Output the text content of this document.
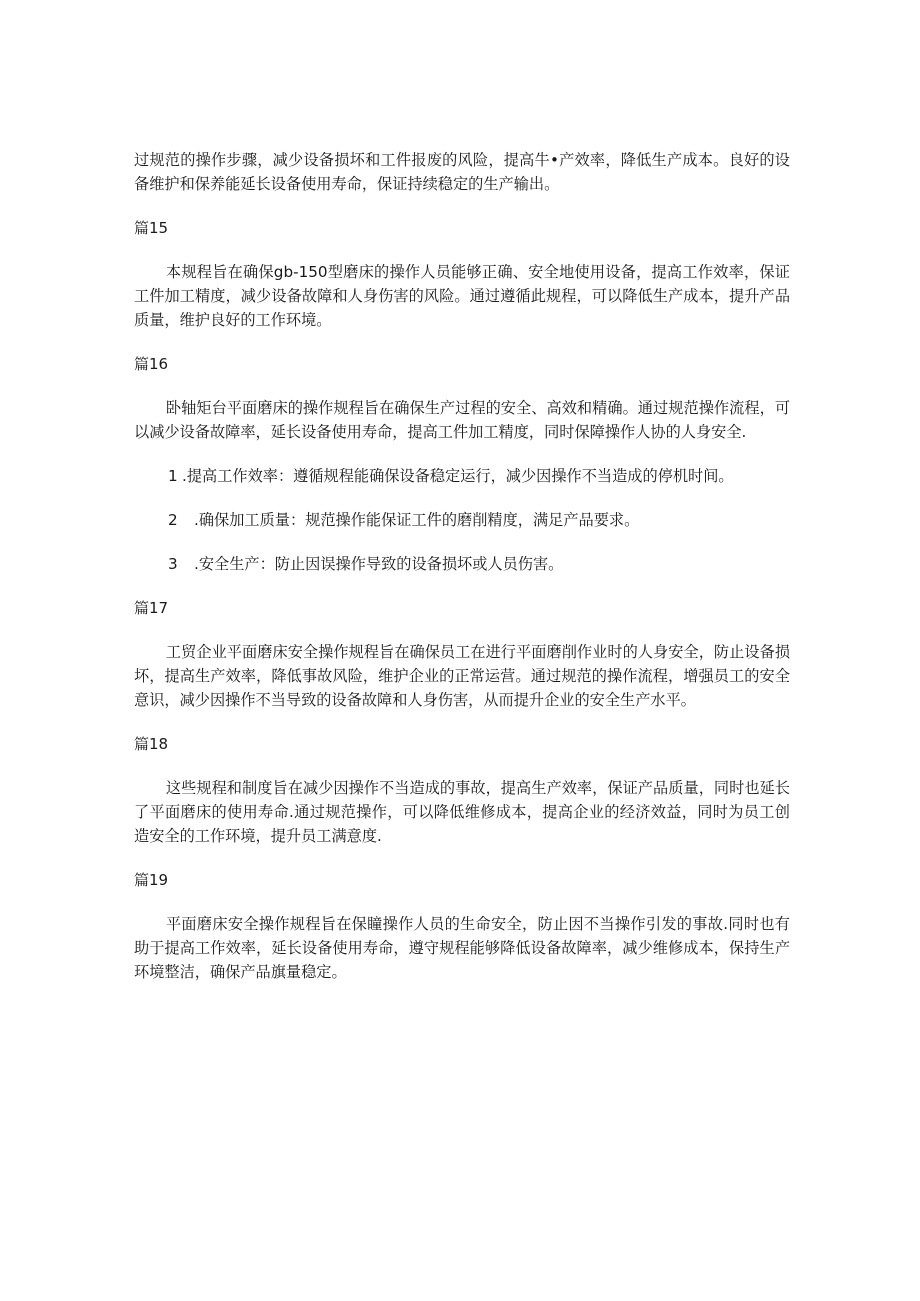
过规范的操作步骤，减少设备损坏和工件报废的风险，提高牛•产效率，降低生产成本。良好的设备维护和保养能延长设备使用寿命，保证持续稳定的生产输出。

篇15

本规程旨在确保gb-150型磨床的操作人员能够正确、安全地使用设备，提高工作效率，保证工件加工精度，减少设备故障和人身伤害的风险。通过遵循此规程，可以降低生产成本，提升产品质量，维护良好的工作环境。

篇16

卧轴矩台平面磨床的操作规程旨在确保生产过程的安全、高效和精确。通过规范操作流程，可以减少设备故障率，延长设备使用寿命，提高工件加工精度，同时保障操作人协的人身安全.

1 .提高工作效率：遵循规程能确保设备稳定运行，减少因操作不当造成的停机时间。
2 .确保加工质量：规范操作能保证工件的磨削精度，满足产品要求。
3 .安全生产：防止因误操作导致的设备损坏或人员伤害。
篇17

工贸企业平面磨床安全操作规程旨在确保员工在进行平面磨削作业时的人身安全，防止设备损坏，提高生产效率，降低事故风险，维护企业的正常运营。通过规范的操作流程，增强员工的安全意识，减少因操作不当导致的设备故障和人身伤害，从而提升企业的安全生产水平。

篇18

这些规程和制度旨在减少因操作不当造成的事故，提高生产效率，保证产品质量，同时也延长了平面磨床的使用寿命.通过规范操作，可以降低维修成本，提高企业的经济效益，同时为员工创造安全的工作环境，提升员工满意度.

篇19

平面磨床安全操作规程旨在保瞳操作人员的生命安全，防止因不当操作引发的事故.同时也有助于提高工作效率，延长设备使用寿命，遵守规程能够降低设备故障率，减少维修成本，保持生产环境整洁，确保产品旗量稳定。
